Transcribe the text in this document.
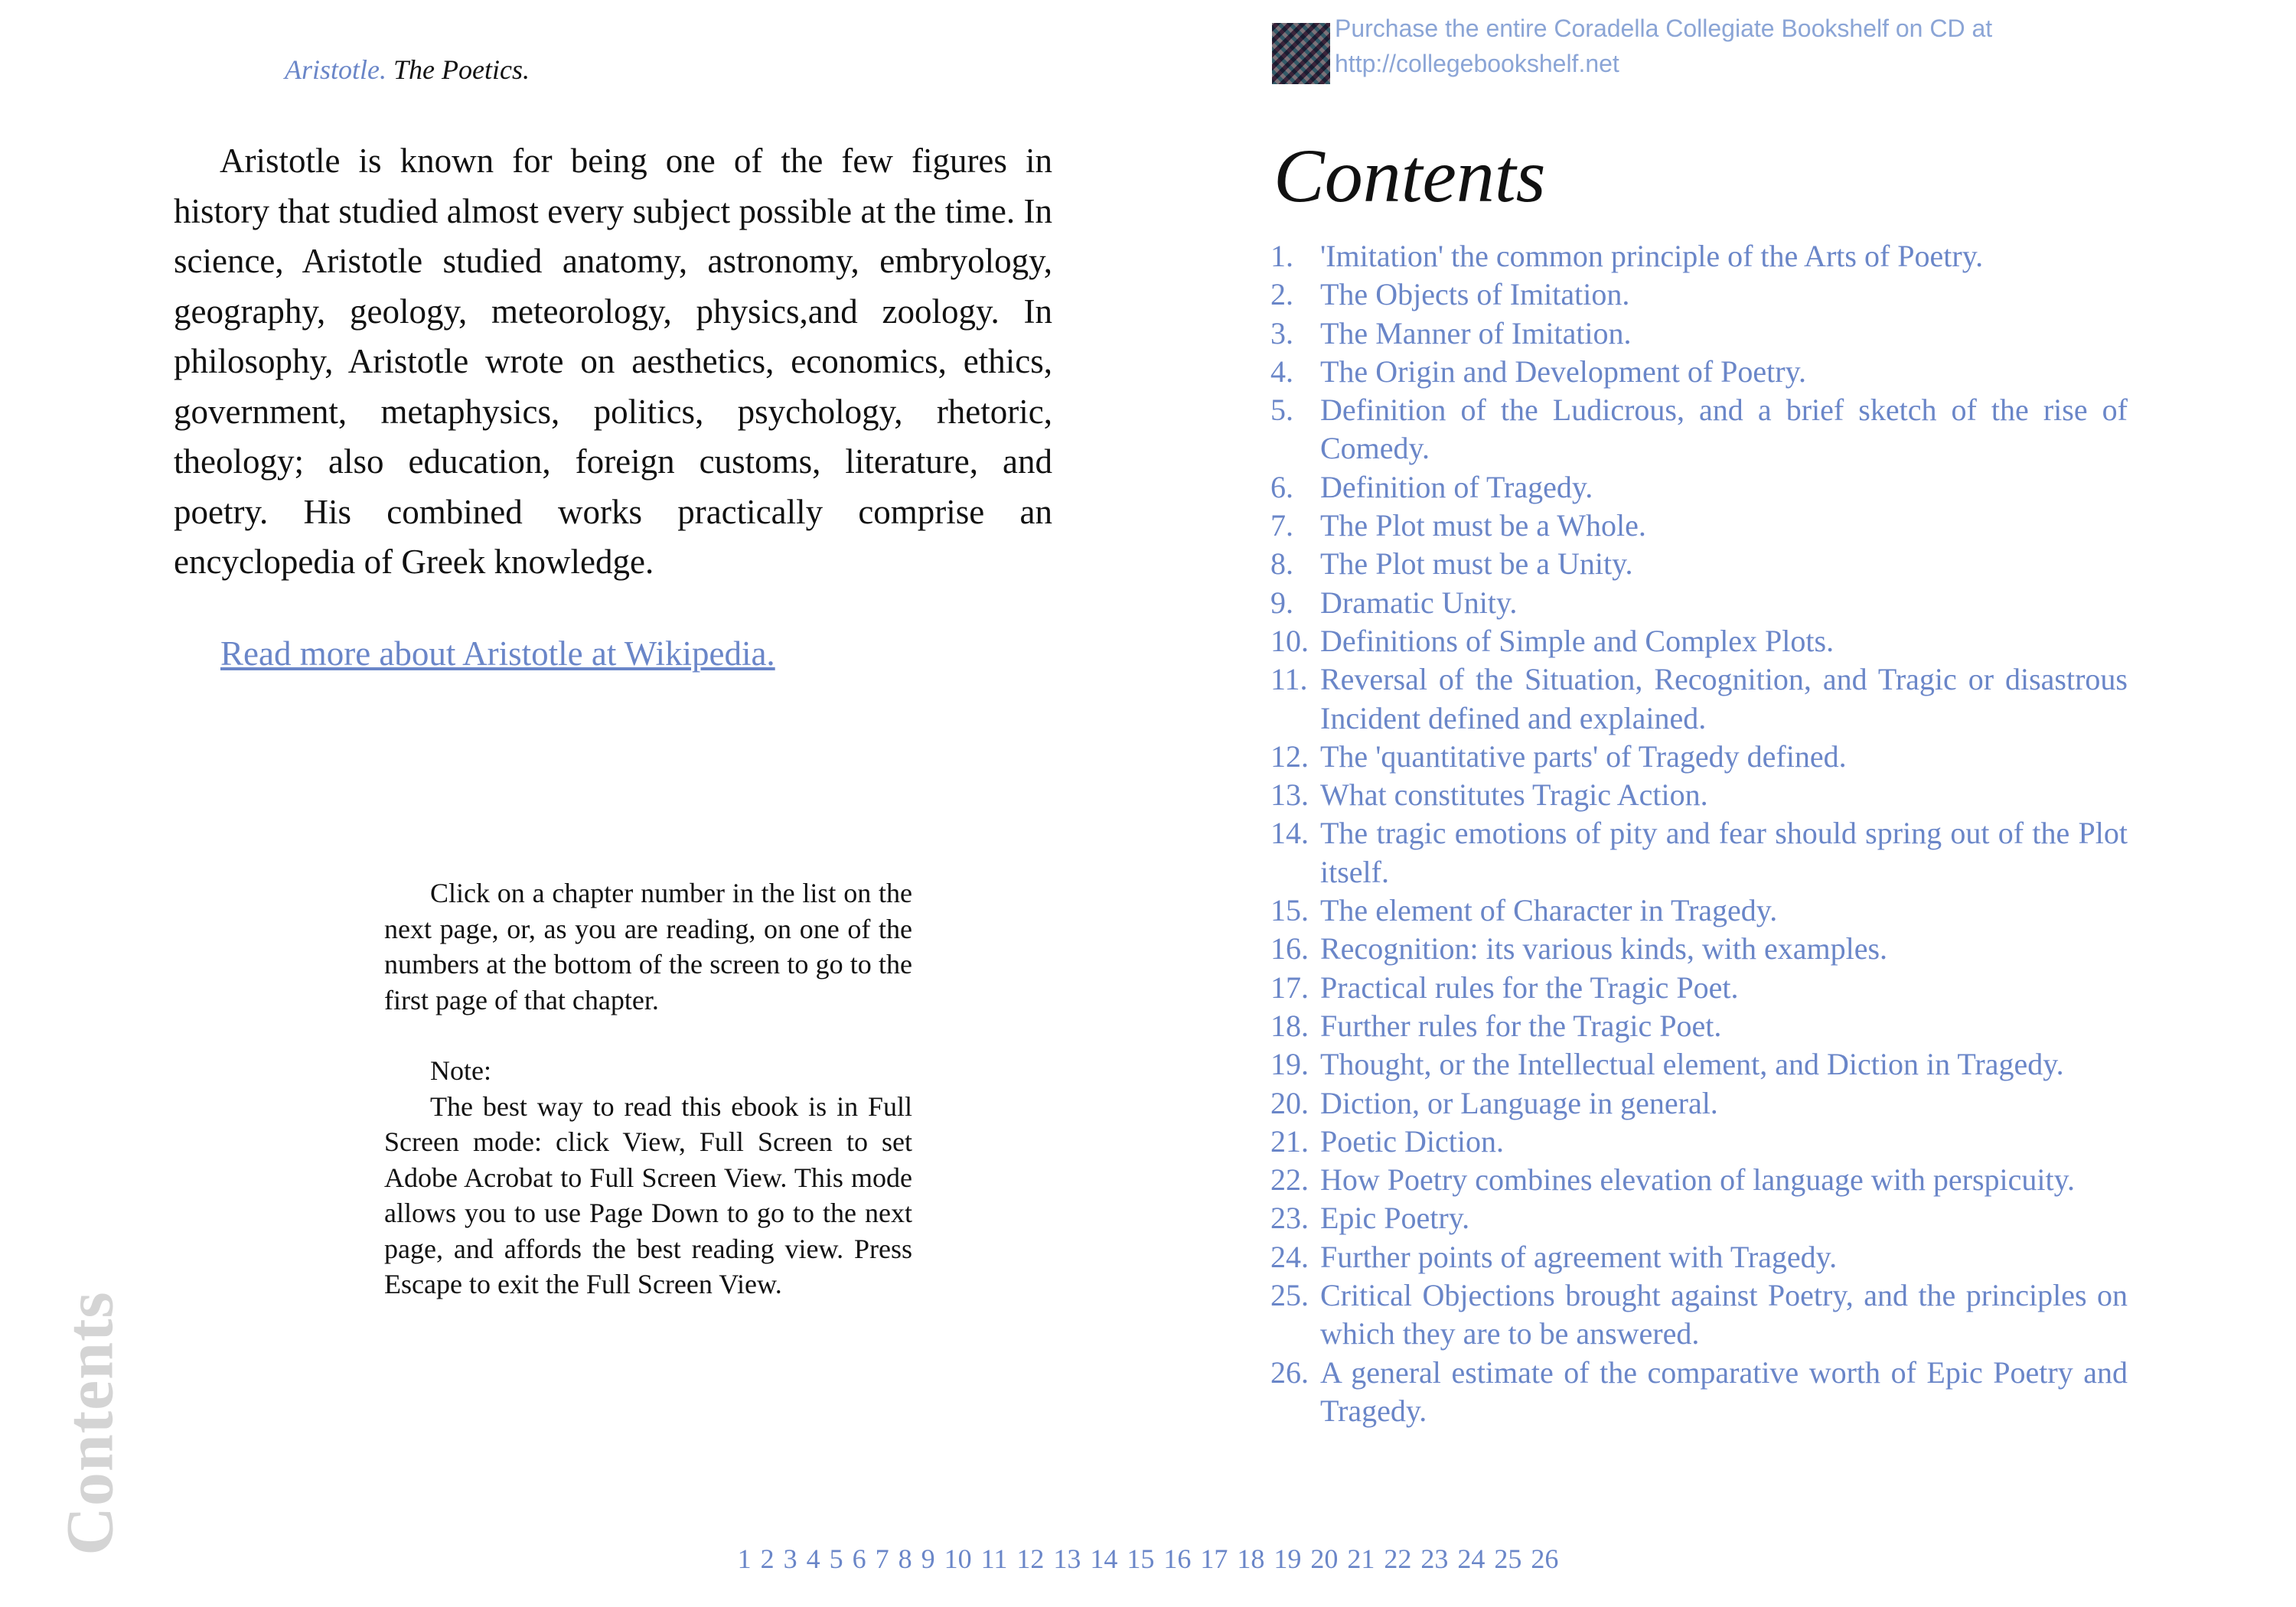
Aristotle. The Poetics.

Aristotle is known for being one of the few figures in history that studied almost every subject possible at the time. In science, Aristotle studied anatomy, astronomy, embryology, geography, geology, meteorology, physics,and zoology. In philosophy, Aristotle wrote on aesthetics, economics, ethics, government, metaphysics, politics, psychology, rhetoric, theology; also education, foreign customs, literature, and poetry. His combined works practically comprise an encyclopedia of Greek knowledge.

Read more about Aristotle at Wikipedia.

Click on a chapter number in the list on the next page, or, as you are reading, on one of the numbers at the bottom of the screen to go to the first page of that chapter.

Note:

The best way to read this ebook is in Full Screen mode: click View, Full Screen to set Adobe Acrobat to Full Screen View. This mode allows you to use Page Down to go to the next page, and affords the best reading view. Press Escape to exit the Full Screen View.

Contents
Purchase the entire Coradella Collegiate Bookshelf on CD at
http://collegebookshelf.net
Contents
1. 'Imitation' the common principle of the Arts of Poetry.
2. The Objects of Imitation.
3. The Manner of Imitation.
4. The Origin and Development of Poetry.
5. Definition of the Ludicrous, and a brief sketch of the rise of Comedy.
6. Definition of Tragedy.
7. The Plot must be a Whole.
8. The Plot must be a Unity.
9. Dramatic Unity.
10. Definitions of Simple and Complex Plots.
11. Reversal of the Situation, Recognition, and Tragic or disastrous Incident defined and explained.
12. The 'quantitative parts' of Tragedy defined.
13. What constitutes Tragic Action.
14. The tragic emotions of pity and fear should spring out of the Plot itself.
15. The element of Character in Tragedy.
16. Recognition: its various kinds, with examples.
17. Practical rules for the Tragic Poet.
18. Further rules for the Tragic Poet.
19. Thought, or the Intellectual element, and Diction in Tragedy.
20. Diction, or Language in general.
21. Poetic Diction.
22. How Poetry combines elevation of language with perspicuity.
23. Epic Poetry.
24. Further points of agreement with Tragedy.
25. Critical Objections brought against Poetry, and the principles on which they are to be answered.
26. A general estimate of the comparative worth of Epic Poetry and Tragedy.
1 2 3 4 5 6 7 8 9 10 11 12 13 14 15 16 17 18 19 20 21 22 23 24 25 26
